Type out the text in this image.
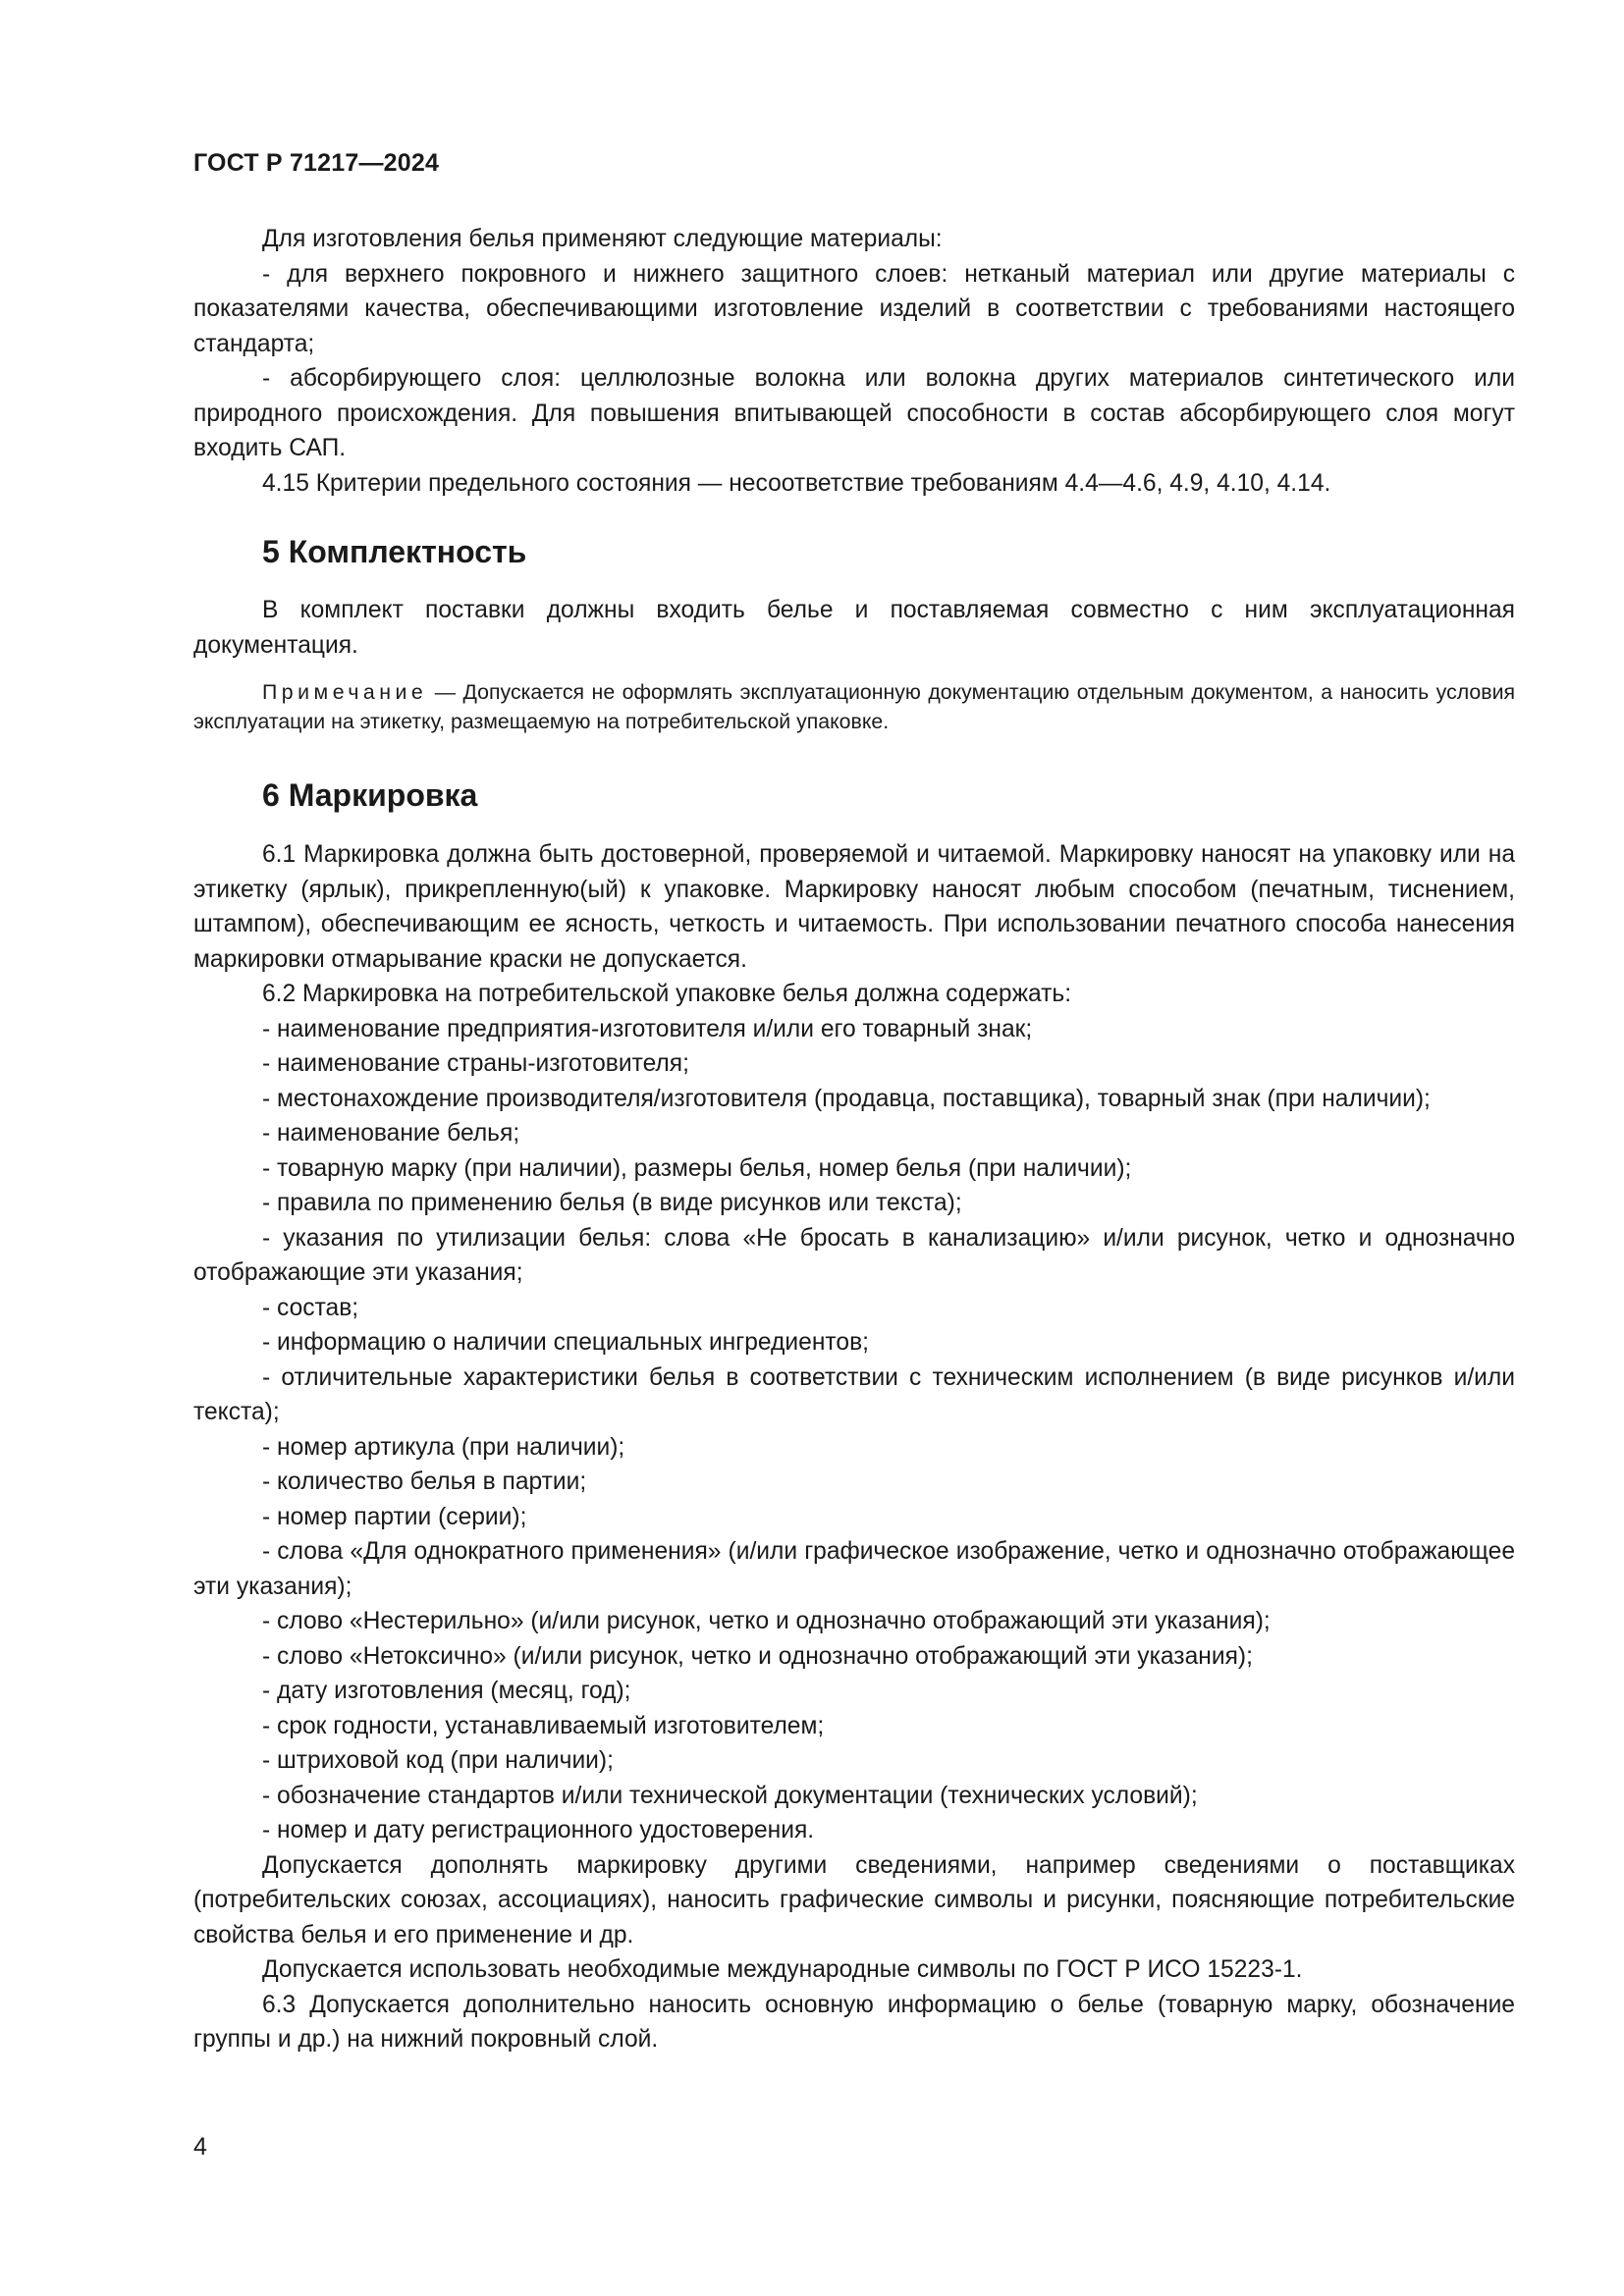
ГОСТ Р 71217—2024

Для изготовления белья применяют следующие материалы:

- для верхнего покровного и нижнего защитного слоев: нетканый материал или другие материалы с показателями качества, обеспечивающими изготовление изделий в соответствии с требованиями настоящего стандарта;

- абсорбирующего слоя: целлюлозные волокна или волокна других материалов синтетического или природного происхождения. Для повышения впитывающей способности в состав абсорбирующего слоя могут входить САП.

4.15 Критерии предельного состояния — несоответствие требованиям 4.4—4.6, 4.9, 4.10, 4.14.

5 Комплектность

В комплект поставки должны входить белье и поставляемая совместно с ним эксплуатационная документация.

Примечание — Допускается не оформлять эксплуатационную документацию отдельным документом, а наносить условия эксплуатации на этикетку, размещаемую на потребительской упаковке.

6 Маркировка

6.1 Маркировка должна быть достоверной, проверяемой и читаемой. Маркировку наносят на упаковку или на этикетку (ярлык), прикрепленную(ый) к упаковке. Маркировку наносят любым способом (печатным, тиснением, штампом), обеспечивающим ее ясность, четкость и читаемость. При использовании печатного способа нанесения маркировки отмарывание краски не допускается.

6.2 Маркировка на потребительской упаковке белья должна содержать:

- наименование предприятия-изготовителя и/или его товарный знак;

- наименование страны-изготовителя;

- местонахождение производителя/изготовителя (продавца, поставщика), товарный знак (при наличии);

- наименование белья;

- товарную марку (при наличии), размеры белья, номер белья (при наличии);

- правила по применению белья (в виде рисунков или текста);

- указания по утилизации белья: слова «Не бросать в канализацию» и/или рисунок, четко и однозначно отображающие эти указания;

- состав;

- информацию о наличии специальных ингредиентов;

- отличительные характеристики белья в соответствии с техническим исполнением (в виде рисунков и/или текста);

- номер артикула (при наличии);

- количество белья в партии;

- номер партии (серии);

- слова «Для однократного применения» (и/или графическое изображение, четко и однозначно отображающее эти указания);

- слово «Нестерильно» (и/или рисунок, четко и однозначно отображающий эти указания);

- слово «Нетоксично» (и/или рисунок, четко и однозначно отображающий эти указания);

- дату изготовления (месяц, год);

- срок годности, устанавливаемый изготовителем;

- штриховой код (при наличии);

- обозначение стандартов и/или технической документации (технических условий);

- номер и дату регистрационного удостоверения.

Допускается дополнять маркировку другими сведениями, например сведениями о поставщиках (потребительских союзах, ассоциациях), наносить графические символы и рисунки, поясняющие потребительские свойства белья и его применение и др.

Допускается использовать необходимые международные символы по ГОСТ Р ИСО 15223-1.

6.3 Допускается дополнительно наносить основную информацию о белье (товарную марку, обозначение группы и др.) на нижний покровный слой.

4
